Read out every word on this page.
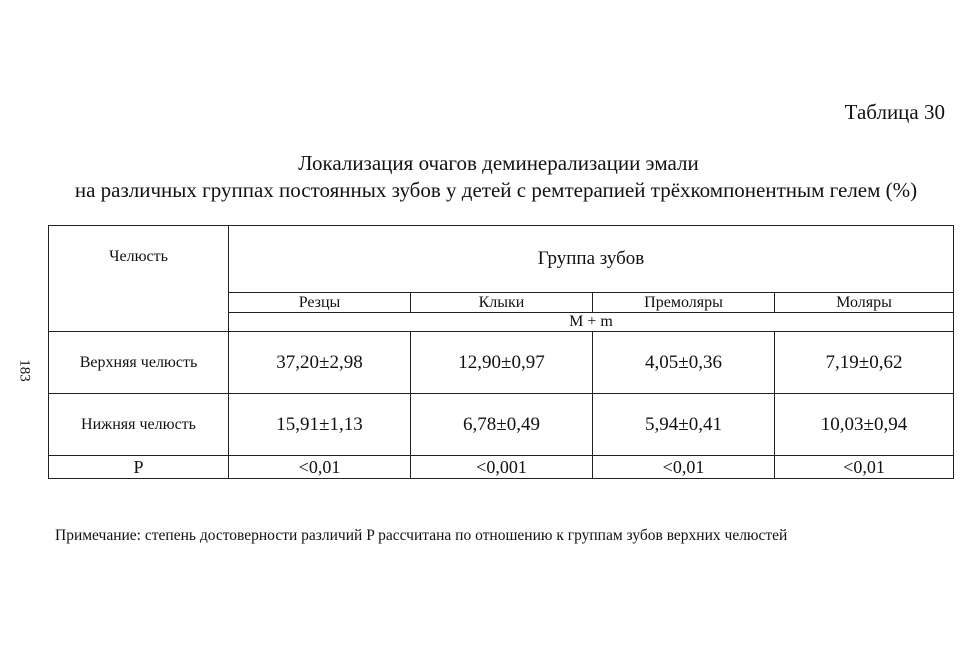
Таблица 30
Локализация очагов деминерализации эмали
на различных группах постоянных зубов у детей с ремтерапией трёхкомпонентным гелем (%)
183
Челюсть	Группа зубов			
	Резцы	Клыки	Премоляры	Моляры
	M + m			
Верхняя челюсть	37,20±2,98	12,90±0,97	4,05±0,36	7,19±0,62
Нижняя челюсть	15,91±1,13	6,78±0,49	5,94±0,41	10,03±0,94
P	<0,01	<0,001	<0,01	<0,01
Примечание: степень достоверности различий P рассчитана по отношению к группам зубов верхних челюстей
